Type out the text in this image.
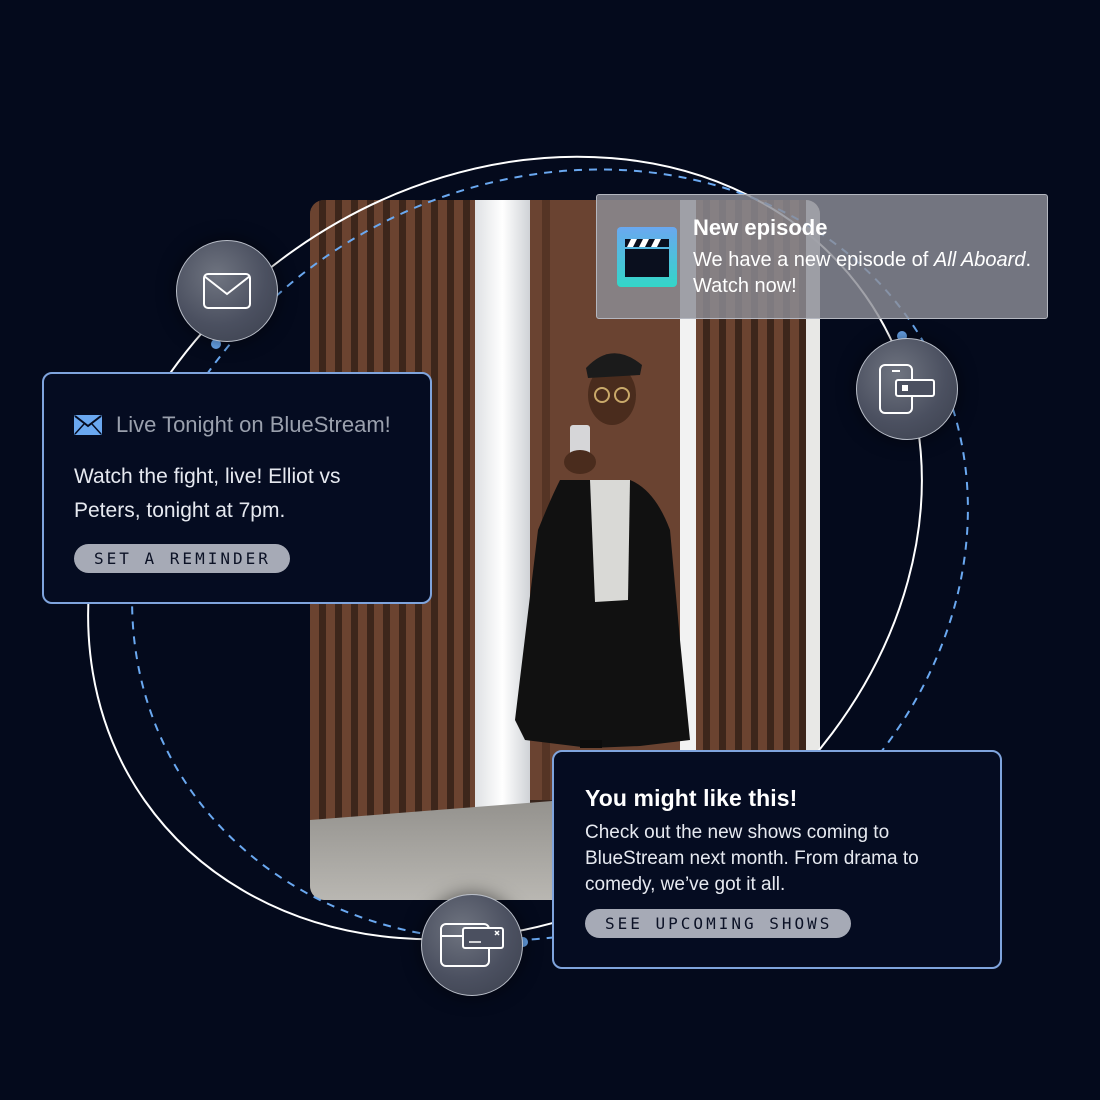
Live Tonight on BlueStream!
Watch the fight, live! Elliot vs Peters, tonight at 7pm.
SET A REMINDER
New episode
We have a new episode of All Aboard. Watch now!
You might like this!
Check out the new shows coming to BlueStream next month. From drama to comedy, we’ve got it all.
SEE UPCOMING SHOWS
